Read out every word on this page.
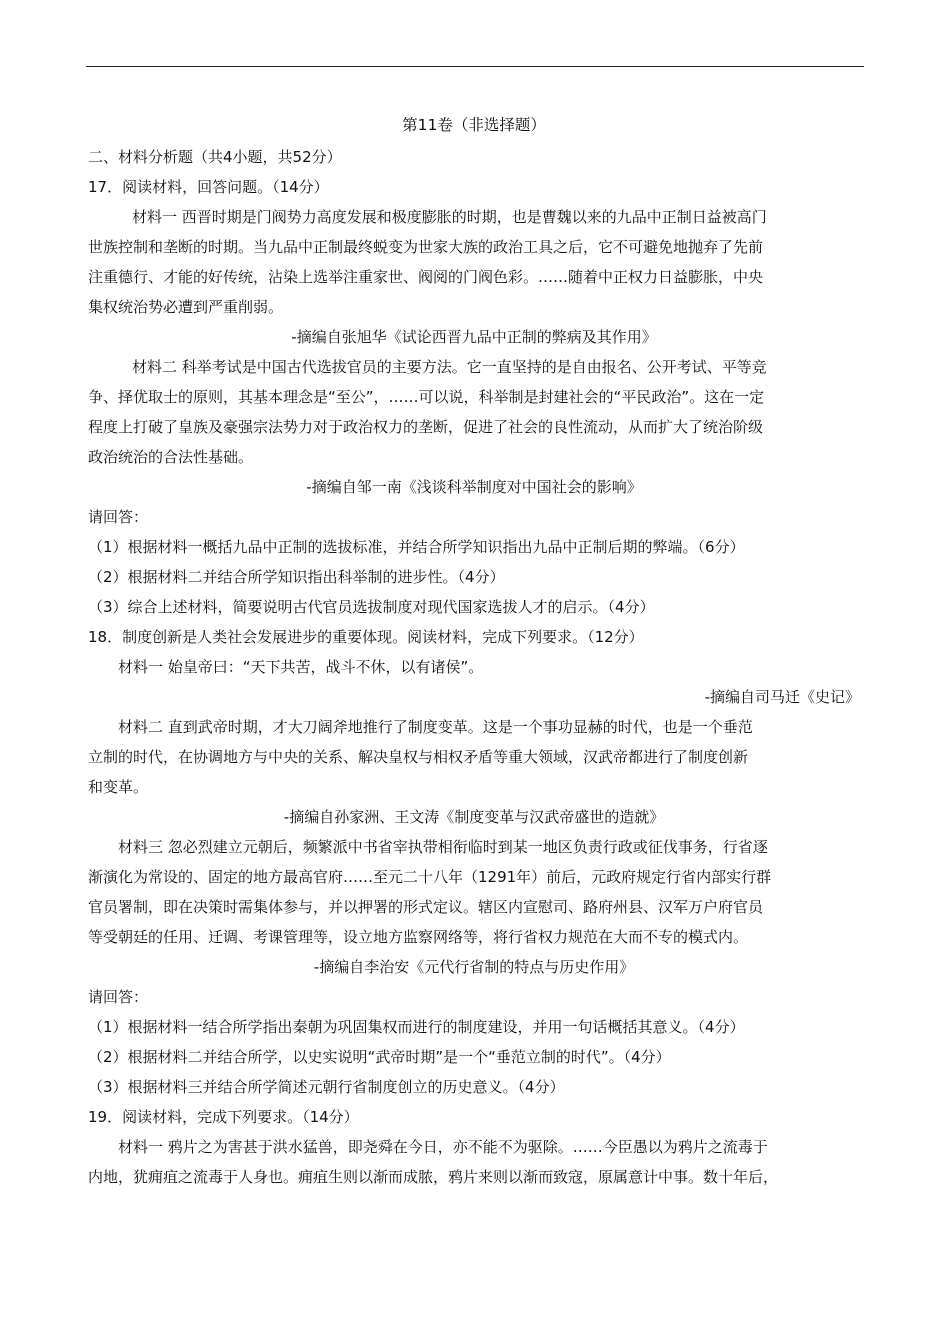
第11卷（非选择题）
二、材料分析题（共4小题，共52分）
17．阅读材料，回答问题。（14分）
材料一 西晋时期是门阀势力高度发展和极度膨胀的时期，也是曹魏以来的九品中正制日益被高门
世族控制和垄断的时期。当九品中正制最终蜕变为世家大族的政治工具之后，它不可避免地抛弃了先前
注重德行、才能的好传统，沾染上选举注重家世、阀阅的门阀色彩。……随着中正权力日益膨胀，中央
集权统治势必遭到严重削弱。
-摘编自张旭华《试论西晋九品中正制的弊病及其作用》
材料二 科举考试是中国古代选拔官员的主要方法。它一直坚持的是自由报名、公开考试、平等竞
争、择优取士的原则，其基本理念是“至公”，……可以说，科举制是封建社会的“平民政治”。这在一定
程度上打破了皇族及豪强宗法势力对于政治权力的垄断，促进了社会的良性流动，从而扩大了统治阶级
政治统治的合法性基础。
-摘编自邹一南《浅谈科举制度对中国社会的影响》
请回答：
（1）根据材料一概括九品中正制的选拔标准，并结合所学知识指出九品中正制后期的弊端。（6分）
（2）根据材料二并结合所学知识指出科举制的进步性。（4分）
（3）综合上述材料，简要说明古代官员选拔制度对现代国家选拔人才的启示。（4分）
18．制度创新是人类社会发展进步的重要体现。阅读材料，完成下列要求。（12分）
材料一 始皇帝曰：“天下共苦，战斗不休，以有诸侯”。
-摘编自司马迁《史记》
材料二 直到武帝时期，才大刀阔斧地推行了制度变革。这是一个事功显赫的时代，也是一个垂范
立制的时代，在协调地方与中央的关系、解决皇权与相权矛盾等重大领域，汉武帝都进行了制度创新
和变革。
-摘编自孙家洲、王文涛《制度变革与汉武帝盛世的造就》
材料三 忽必烈建立元朝后，频繁派中书省宰执带相衔临时到某一地区负责行政或征伐事务，行省逐
渐演化为常设的、固定的地方最高官府……至元二十八年（1291年）前后，元政府规定行省内部实行群
官员署制，即在决策时需集体参与，并以押署的形式定议。辖区内宣慰司、路府州县、汉军万户府官员
等受朝廷的任用、迁调、考课管理等，设立地方监察网络等，将行省权力规范在大而不专的模式内。
-摘编自李治安《元代行省制的特点与历史作用》
请回答：
（1）根据材料一结合所学指出秦朝为巩固集权而进行的制度建设，并用一句话概括其意义。（4分）
（2）根据材料二并结合所学，以史实说明“武帝时期”是一个“垂范立制的时代”。（4分）
（3）根据材料三并结合所学简述元朝行省制度创立的历史意义。（4分）
19．阅读材料，完成下列要求。（14分）
材料一 鸦片之为害甚于洪水猛兽，即尧舜在今日，亦不能不为驱除。……今臣愚以为鸦片之流毒于
内地，犹痈疽之流毒于人身也。痈疽生则以渐而成脓，鸦片来则以渐而致寇，原属意计中事。数十年后，
